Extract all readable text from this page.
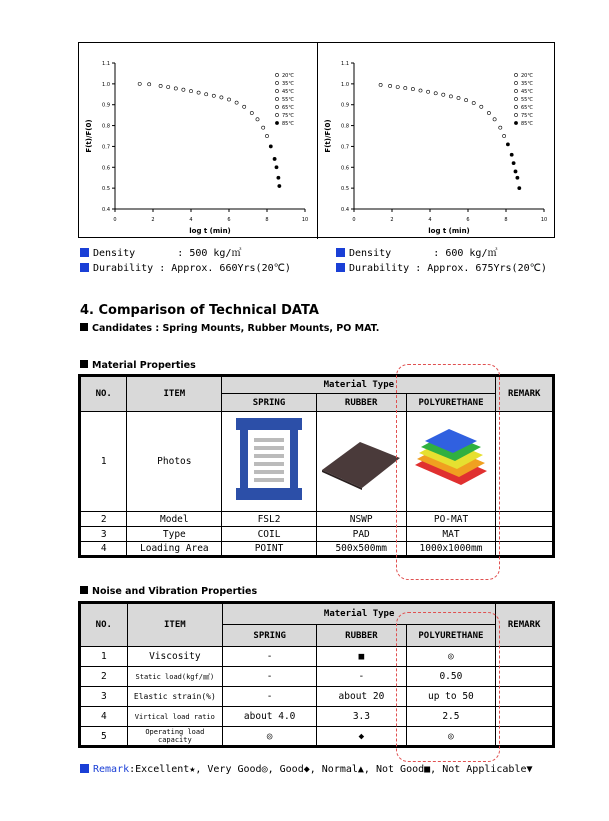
0	2	4	6	8	10
0.4
0.5
0.6
0.7
0.8
0.9
1.0
1.1
log t (min)
F(t)/F(0)
20℃
35℃
45℃
55℃
65℃
75℃
85℃
0	2	4	6	8	10
0.4
0.5
0.6
0.7
0.8
0.9
1.0
1.1
log t (min)
F(t)/F(0)
20℃
35℃
45℃
55℃
65℃
75℃
85℃
Density       : 500 kg/㎥
Durability : Approx. 660Yrs(20℃)
Density       : 600 kg/㎥
Durability : Approx. 675Yrs(20℃)
4. Comparison of Technical DATA
Candidates : Spring Mounts, Rubber Mounts, PO MAT.
Material Properties
NO.	ITEM	Material Type			REMARK
		SPRING	RUBBER	POLYURETHANE	
1	Photos				
2	Model	FSL2	NSWP	PO-MAT	
3	Type	COIL	PAD	MAT	
4	Loading Area	POINT	500x500mm	1000x1000mm	
Noise and Vibration Properties
NO.	ITEM	Material Type			REMARK
		SPRING	RUBBER	POLYURETHANE	
1	Viscosity	-	■	◎	
2	Static load(kgf/㎟)	-	-	0.50	
3	Elastic strain(%)	-	about 20	up to 50	
4	Virtical load ratio	about 4.0	3.3	2.5	
5	Operating load capacity	◎	◆	◎	
Remark:Excellent★, Very Good◎, Good◆, Normal▲, Not Good■, Not Applicable▼
